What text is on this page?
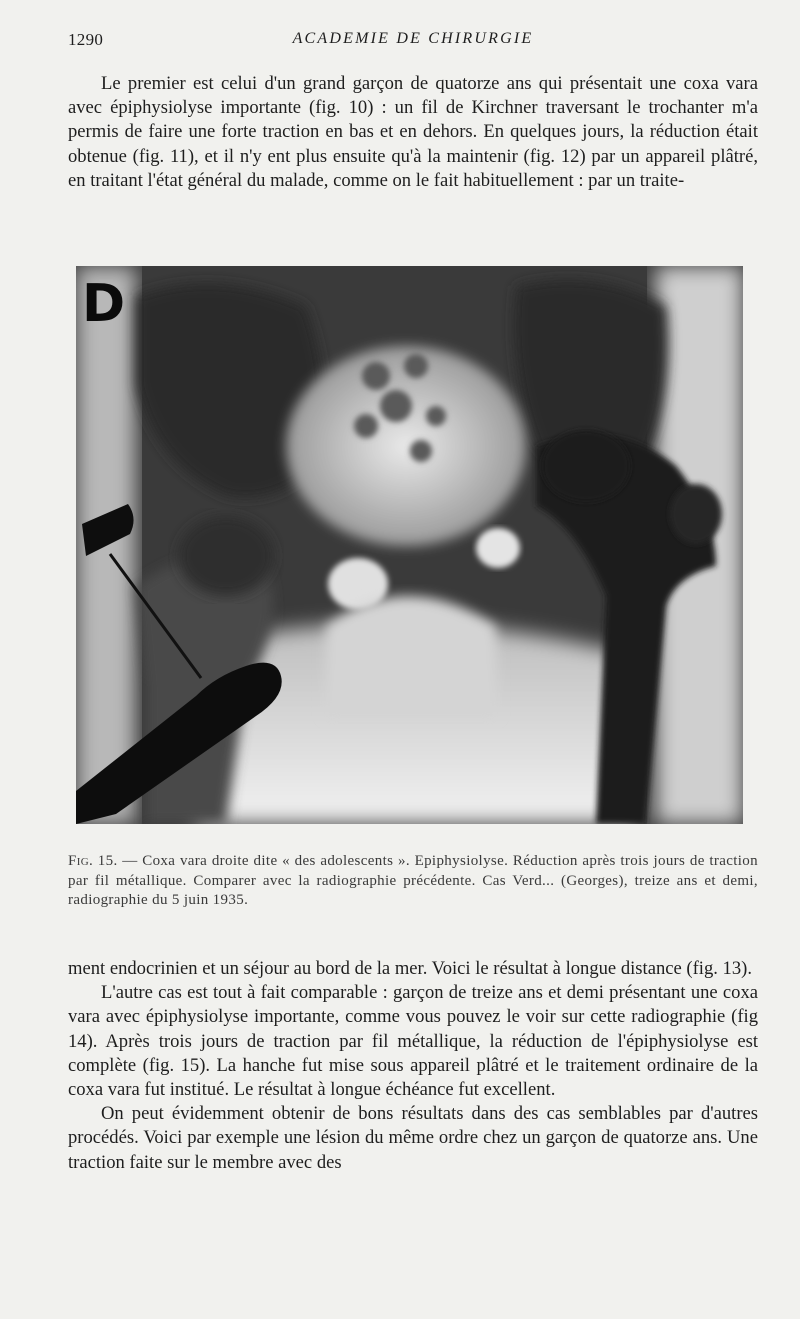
1290	ACADEMIE DE CHIRURGIE

Le premier est celui d'un grand garçon de quatorze ans qui présentait une coxa vara avec épiphysiolyse importante (fig. 10) : un fil de Kirchner traversant le trochanter m'a permis de faire une forte traction en bas et en dehors. En quelques jours, la réduction était obtenue (fig. 11), et il n'y ent plus ensuite qu'à la maintenir (fig. 12) par un appareil plâtré, en traitant l'état général du malade, comme on le fait habituellement : par un traite-

D
Fig. 15. — Coxa vara droite dite « des adolescents ». Epiphysiolyse. Réduction après trois jours de traction par fil métallique. Comparer avec la radiographie précédente. Cas Verd... (Georges), treize ans et demi, radiographie du 5 juin 1935.

ment endocrinien et un séjour au bord de la mer. Voici le résultat à longue distance (fig. 13).

L'autre cas est tout à fait comparable : garçon de treize ans et demi présentant une coxa vara avec épiphysiolyse importante, comme vous pouvez le voir sur cette radiographie (fig 14). Après trois jours de traction par fil métallique, la réduction de l'épiphysiolyse est complète (fig. 15). La hanche fut mise sous appareil plâtré et le traitement ordinaire de la coxa vara fut institué. Le résultat à longue échéance fut excellent.

On peut évidemment obtenir de bons résultats dans des cas semblables par d'autres procédés. Voici par exemple une lésion du même ordre chez un garçon de quatorze ans. Une traction faite sur le membre avec des
